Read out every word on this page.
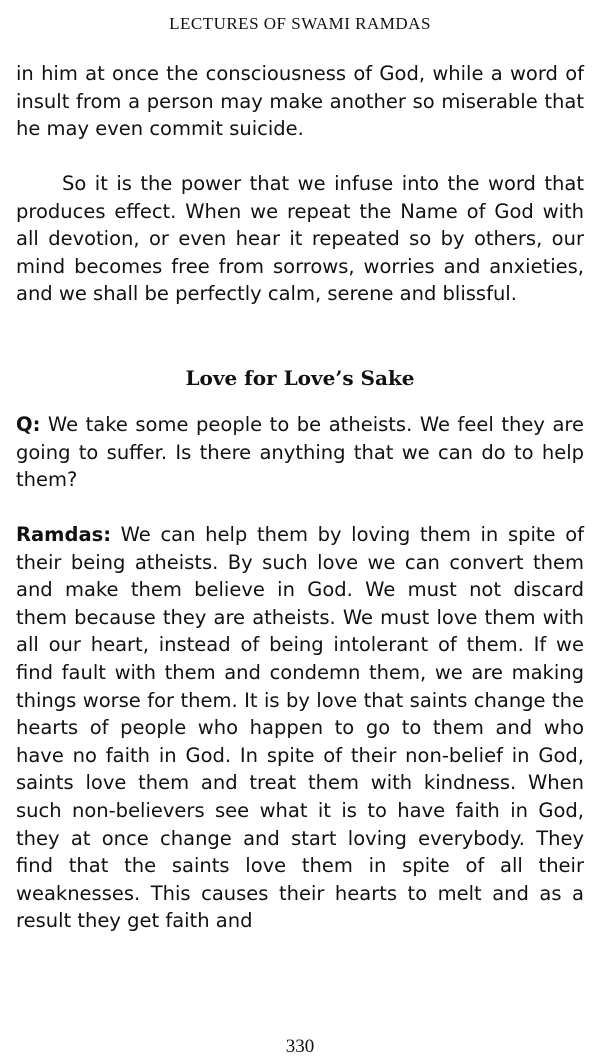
LECTURES OF SWAMI RAMDAS

in him at once the consciousness of God, while a word of insult from a person may make another so miserable that he may even commit suicide.

So it is the power that we infuse into the word that produces effect. When we repeat the Name of God with all devotion, or even hear it repeated so by others, our mind becomes free from sorrows, worries and anxieties, and we shall be perfectly calm, serene and blissful.

Love for Love’s Sake

Q: We take some people to be atheists. We feel they are going to suffer. Is there anything that we can do to help them?

Ramdas: We can help them by loving them in spite of their being atheists. By such love we can convert them and make them believe in God. We must not discard them because they are atheists. We must love them with all our heart, instead of being intolerant of them. If we find fault with them and condemn them, we are making things worse for them. It is by love that saints change the hearts of people who happen to go to them and who have no faith in God. In spite of their non-belief in God, saints love them and treat them with kindness. When such non-believers see what it is to have faith in God, they at once change and start loving everybody. They find that the saints love them in spite of all their weaknesses. This causes their hearts to melt and as a result they get faith and

330
